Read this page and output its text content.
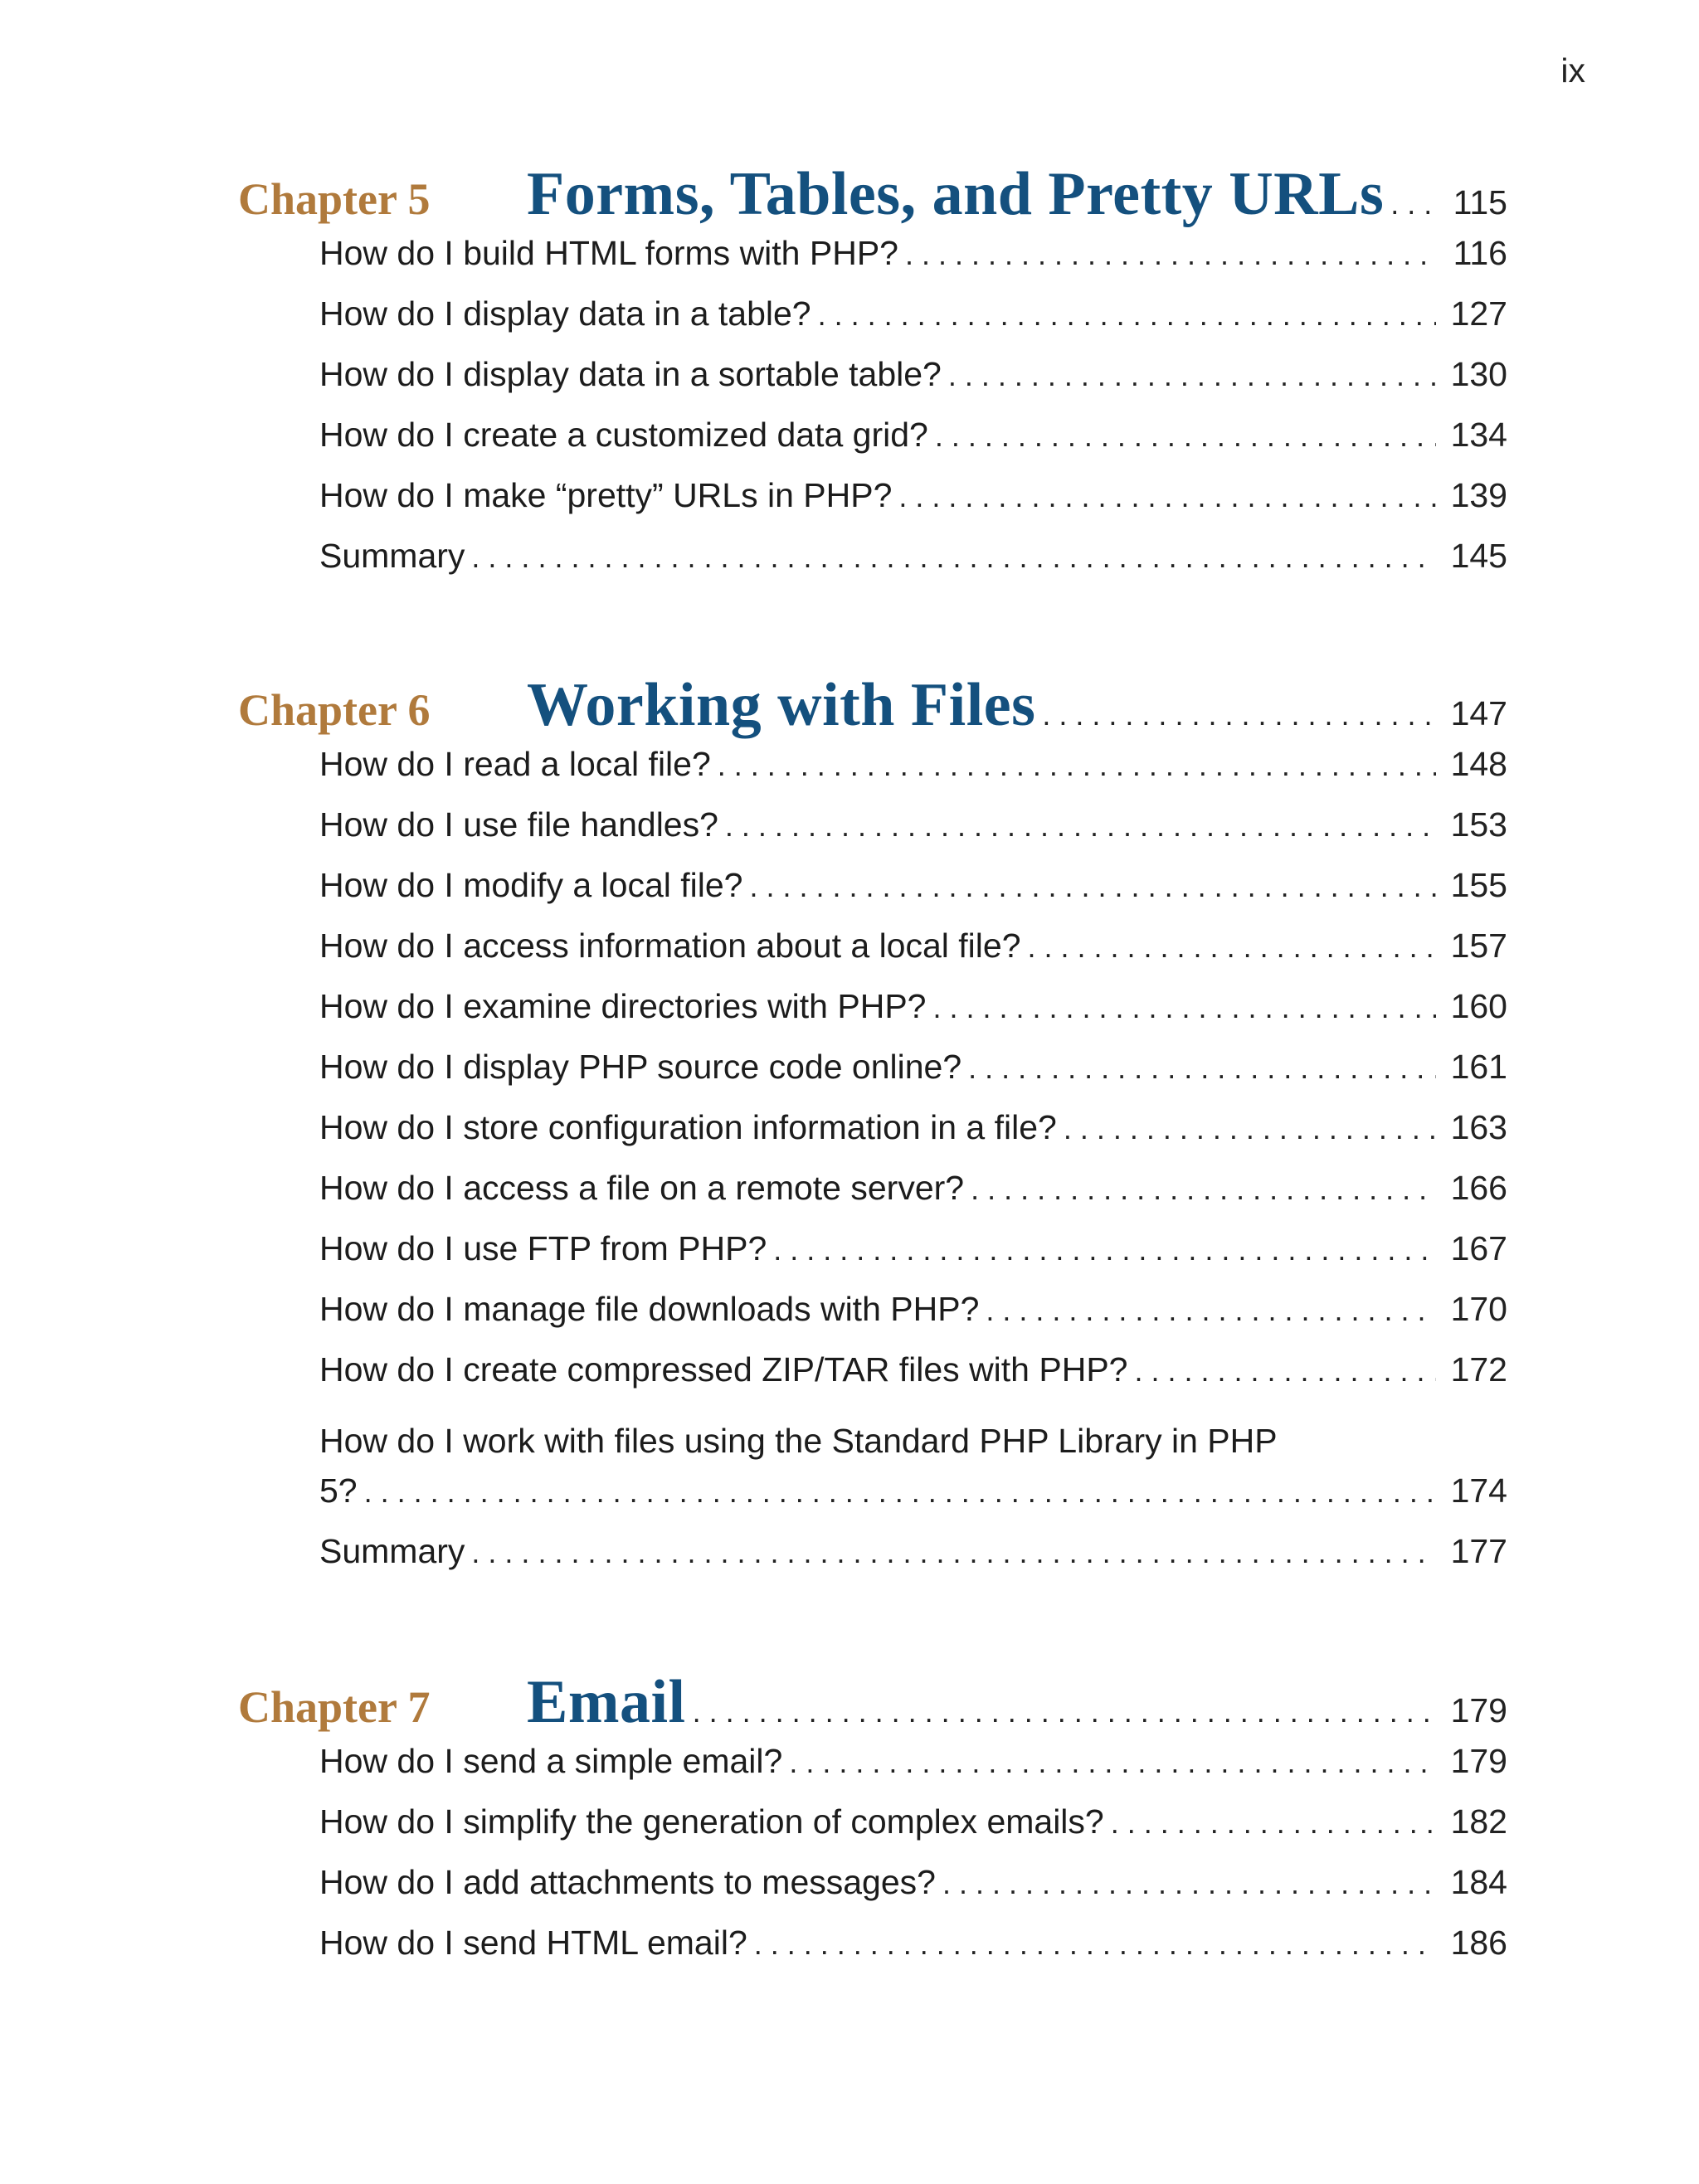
ix
Chapter 5	Forms, Tables, and Pretty URLs . . .	115
How do I build HTML forms with PHP? . . .	116
How do I display data in a table? . . .	127
How do I display data in a sortable table? . . .	130
How do I create a customized data grid? . . .	134
How do I make “pretty” URLs in PHP? . . .	139
Summary . . .	145
Chapter 6	Working with Files . . .	147
How do I read a local file? . . .	148
How do I use file handles? . . .	153
How do I modify a local file? . . .	155
How do I access information about a local file? . . .	157
How do I examine directories with PHP? . . .	160
How do I display PHP source code online? . . .	161
How do I store configuration information in a file? . . .	163
How do I access a file on a remote server? . . .	166
How do I use FTP from PHP? . . .	167
How do I manage file downloads with PHP? . . .	170
How do I create compressed ZIP/TAR files with PHP? . . .	172
How do I work with files using the Standard PHP Library in PHP
5? . . .	174
Summary . . .	177
Chapter 7	Email . . .	179
How do I send a simple email? . . .	179
How do I simplify the generation of complex emails? . . .	182
How do I add attachments to messages? . . .	184
How do I send HTML email? . . .	186
